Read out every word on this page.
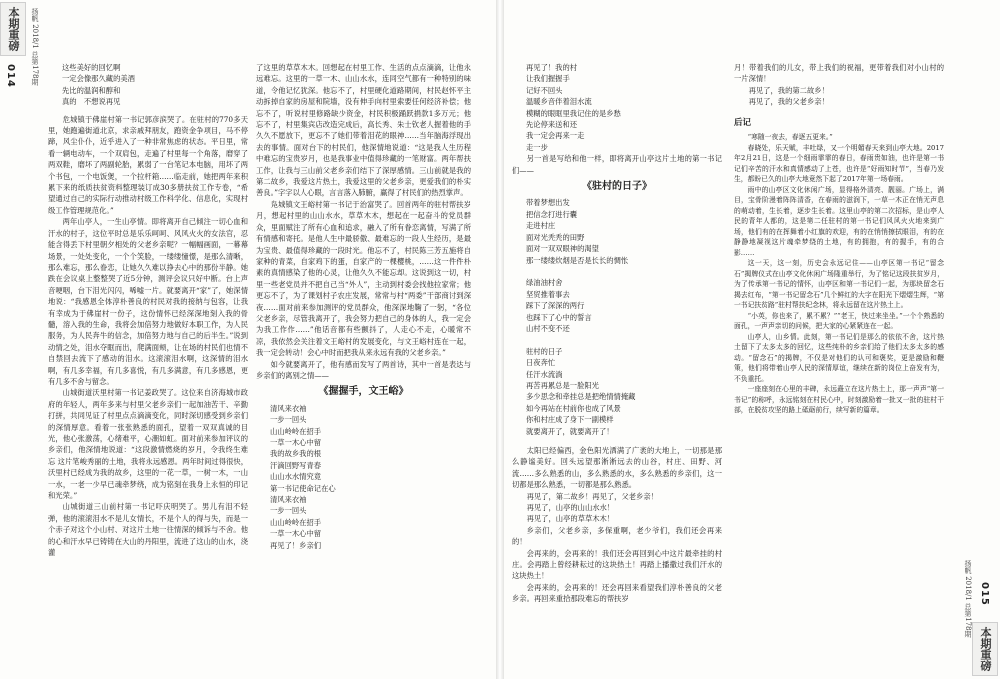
本期重磅
014 扬帆 2018/1 总第178期
本期重磅
015
扬帆 2018/1 总第178期
这些美好的回忆啊
一定会像那久藏的美酒
先比的温润和醇和
真的　不想说再见

危城镇于佛崖村第一书记郭彦滨哭了。在驻村的770多天里，她跑遍街道北京，求亲戚拜朋友，跑资金争项目，马不停蹄，风尘仆仆，近乎进入了一种非常焦虑的状态。平日里，常看一辆电动车，一个双肩包，走遍了村里每一个角落，磨穿了两双鞋，磨坏了两副轮胎，累弱了一台笔记本电脑，用坏了两个书包，一个电饭煲，一个拉杆箱……临走前，她把两年来积累下来的纸质扶贫资料整理装订成30多册扶贫工作专卷，“希望通过自己的实际行动推动村级工作科学化、信息化，实现村级工作管理规范化。”

两年山亭人，一生山亭情。即将离开自己倾注一切心血和汗水的村子，这位平时总是乐乐呵呵、风风火火的女法官，忍能含得丢下村里朝夕相处的父老乡亲呢？一幅幅画面，一幕幕场景，一处处变化，一个个笑脸，一缕缕憧憬，是那么清晰，那么难忘，那么眷恋，让她久久难以挣去心中的那份半静。她跌在会议桌上整整哭了近5分钟，测评会议只好中断。台上声音哽咽，台下泪光闪闪，唏嘘一片。就要离开“家”了，她深情地说：“我感恩全体淳朴善良的村民对我的接纳与包容，让我有幸成为于佛崖村一份子，这份情怀已经深深地刻入我的骨髓，溶入我的生命，我将会加倍努力地做好本职工作，为人民服务，为人民奔牛的信念，加倍努力地与自己的后半生。”说到动情之处，泪水夺眶而出，爬满面颊，让在场的村民们也情不自禁回去流下了感动的泪水。这滚滚泪水啊，这深情的泪水啊，有几多幸福，有几多喜悦，有几多满意，有几多感恩，更有几多不舍与留念。

山城街道沃里村第一书记姜政哭了。这位来自济海城市政府的年轻人，两年多来与村里父老乡亲们一起加油苦干、辛勤打拼，共同见证了村里点点滴滴变化，同时深切感受到乡亲们的深情厚意。看着一张张熟悉的面孔，望着一双双真诚的目光，他心张激荡，心绪难平，心潮如虹。面对前来参加评议的乡亲们，他深情地说道：“这段激情燃烧的岁月，令我终生难忘 这片笔峻秀丽的土地，我将永远感恩。两年时间过得很快，沃里村已经成为我的故乡，这里的一花一草，一树一木，一山一水，一老一少早已魂牵梦绕，成为铭刻在我身上永恒的印记和光荣。”

山城街道三山前村第一书记吓庆明哭了。男儿有泪不轻弹，他的滚滚泪水不是儿女情长，不是个人的得与失，而是一个赤子对这个小山村、对这片土地一往情深的倾诉与不舍。他的心和汗水早已铸铸在大山的丹阳里，流进了这山的山水，浇灌

了这里的草草木木。回想起在村里工作、生活的点点滴滴，让他永远难忘。这里的一草一木、山山水水，连同空气都有一种特别的味道，令他记忆犹深。他忘不了，村里硬化道路期间，村民赵怀平主动拆掉自家的房屋和院墙，没有伸手向村里索要任何经济补偿；他忘不了，听说村里修路缺少资金，村民积极踊跃捐款1多万元；他忘不了，村里集宾店改造完成后，高长秀、朱士钦老人握着他的手久久不愿放下，更忘不了她们带着泪花的眼神……当年脑海浮现出去的事情。面对台下的村民们，他深情地说道：“这是我人生历程中难忘的宝贵岁月，也是我事业中值得珍藏的一笔财富。两年帮扶工作，让我与三山前父老乡亲们结下了深厚感情。三山前就是我的第二故乡，我爱这片热土，我爱这里的父老乡亲，更爱我们的朴实善良。”字字以人心眼，言言落入肺腑，赢得了村民们的热烈掌声。

凫城镇文王峪村第一书记于治富哭了。回首两年的驻村帮扶岁月，想起村里的山山水水，草草木木，想起在一起奋斗的党员群众，里面赋注了所有心血和追求，融入了所有眷恋离情，写满了所有情感和寄托。是他人生中最骄傲、最难忘的一段人生经历，是最为宝贵、最值得珍藏的一段时光。他忘不了，村民陈三芳五施将自家种的青菜，自家鸡下的蛋，自家产的一棵樱桃，……这一件件朴素的真情感染了他的心灵，让他久久不能忘却。这说到这一切，村里一些老党员并不把自己当“外人”，主动到村委会找他拉家常；他更忘不了，为了课划村子农庄发展，常常与村“两委”干部商讨到深夜……面对前来参加测评的党员群众，他深深地鞠了一躬，“各位父老乡亲，尽管我离开了，我会努力把自己的身体的人，我一定会为我工作作……”他话音都有些颤抖了，人走心不走，心暖常不凉，我依然会关注着文王峪村的发展变化，与文王峪村连在一起，我一定会转动！会心中时而把我从来永远有我的父老乡亲。”

如今就要离开了，他有感而发写了两首诗，其中一首是表达与乡亲们的离别之情——

《握握手，文王峪》
清风来衣袖
一步一回头
山山岭岭在招手
一草一木心中留
我的故乡我的根
汗滴回野写青春
山山水水情究竟
第一书记使命记在心
清风来衣袖
一步一回头
山山岭岭在招手
一草一木心中留
再见了！乡亲们
再见了！我的村
让我们握握手
记好不回头
温暖乡音伴着泪水流
模糊的眼眶里我记住的是乡愁
先论停来送和还
我一定会再来一走
走一步

另一首是写给和他一样，即将离开山亭这片土地的第一书记们——

《驻村的日子》
带着梦想出发
把信念打进行囊
走进村庄
面对光秃秃的田野
面对一双双眼神的渴望
那一缕缕炊烟是否是长长的惆怅
绿油油村舍
坚贸推着事去
踩下了深深的两行
也踩下了心中的誓言
山村不变不还
驻村的日子
日夜奔忙
任汗水流淌
再苦再累总是一脸阳光
多少思念和牵挂总是把绝情情掩藏
如今再站在村前你也成了风景
你和村庄成了身下一副模样
就要离开了，就要离开了！

太阳已经偏西，金色阳光洒满了广袤的大地上，一切那是那么静谧美好。回头远望那淅淅远去的山谷，村庄、田野、河流……多么熟悉的山，多么熟悉的水，多么熟悉的乡亲们，这一切都是那么熟悉，一切都是那么熟悉。

再见了，第二故乡！再见了，父老乡亲！

再见了，山亭的山山水水！

再见了，山亭的草草木木！

乡亲们，父老乡亲，多保重啊，老少爷们，我们还会再来的！

会再来的，会再来的！我们还会再回到心中这片最牵挂的村庄。会再踏上曾经耕耘过的这块热土！再踏上播撒过我们汗水的这块热土！

会再来的，会再来的！还会再回来看望我们淳朴善良的父老乡亲。再回来重拾那段难忘的帮扶岁

月！带着我们的儿女，带上我们的祝福，更带着我们对小山村的一片深情！

再见了，我的第二故乡！

再见了，我的父老乡亲！

后记

“寒随一夜去，春逐五更来。”

春晓处，乐天赋，丰吐绿，又一个明媚春天来到山亭大地。2017年2月21日，这是一个细雨霏霏的春日，春雨贵如油，也许是第一书记们辛苦的汗水和真情感动了上苍，也许是“好雨知时节”，当春乃发生，都盼已久的山亭大地竟然下起了2017年第一场春雨。

雨中的山亭区文化休闲广场，显得格外清亮、靓丽。广场上，满目，宝骨阶漫着阵阵清香，在春雨的滋润下，一草一木正在悄无声息的萌动着，生长着，逐步生长着。这里山亭的第二次招标，是山亭人民的青年人都的，这是第二任驻村的第一书记们风风火火地来到广场，他们有的在挥舞着小红旗的欢迎，有的在悄悄擦拭眼泪，有的在静静地凝视这片魂牵梦绕的土地，有的拥抱，有的握手，有的合影……

这一天，这一刻，历史会永远记住——山亭区第一书记“留念石”揭牌仪式在山亭文化休闲广场隆重举行，为了铭记这段扶贫岁月，为了传承第一书记的情怀，山亭区和第一书记们一起，为那块留念石揭去红布，“第一书记留念石”几个鲜红的大字在阳光下熠熠生辉，“第一书记扶贫路”驻村帮扶纪念林，将永远留在这片热土上。

“小英，你也来了，累不累？”“老王，快过来坐坐。”一个个熟悉的面孔，一声声亲切的问候，把大家的心紧紧连在一起。

山亭人，山乡情。此刻，第一书记们是那么的依依不舍，这片热土留下了太多太多的回忆，这些纯朴的乡亲们给了他们太多太多的感动。“留念石”的揭牌，不仅是对他们的认可和褒奖，更是激励和鞭策，他们将带着山亭人民的深情厚谊，继续在新的岗位上奋发有为，不负重托。

一座座刻在心里的丰碑，永远矗立在这片热土上，那一声声“第一书记”的称呼，永远铭刻在村民心中，时刻激励着一批又一批的驻村干部，在脱贫攻坚的路上砥砺前行，续写新的篇章。
